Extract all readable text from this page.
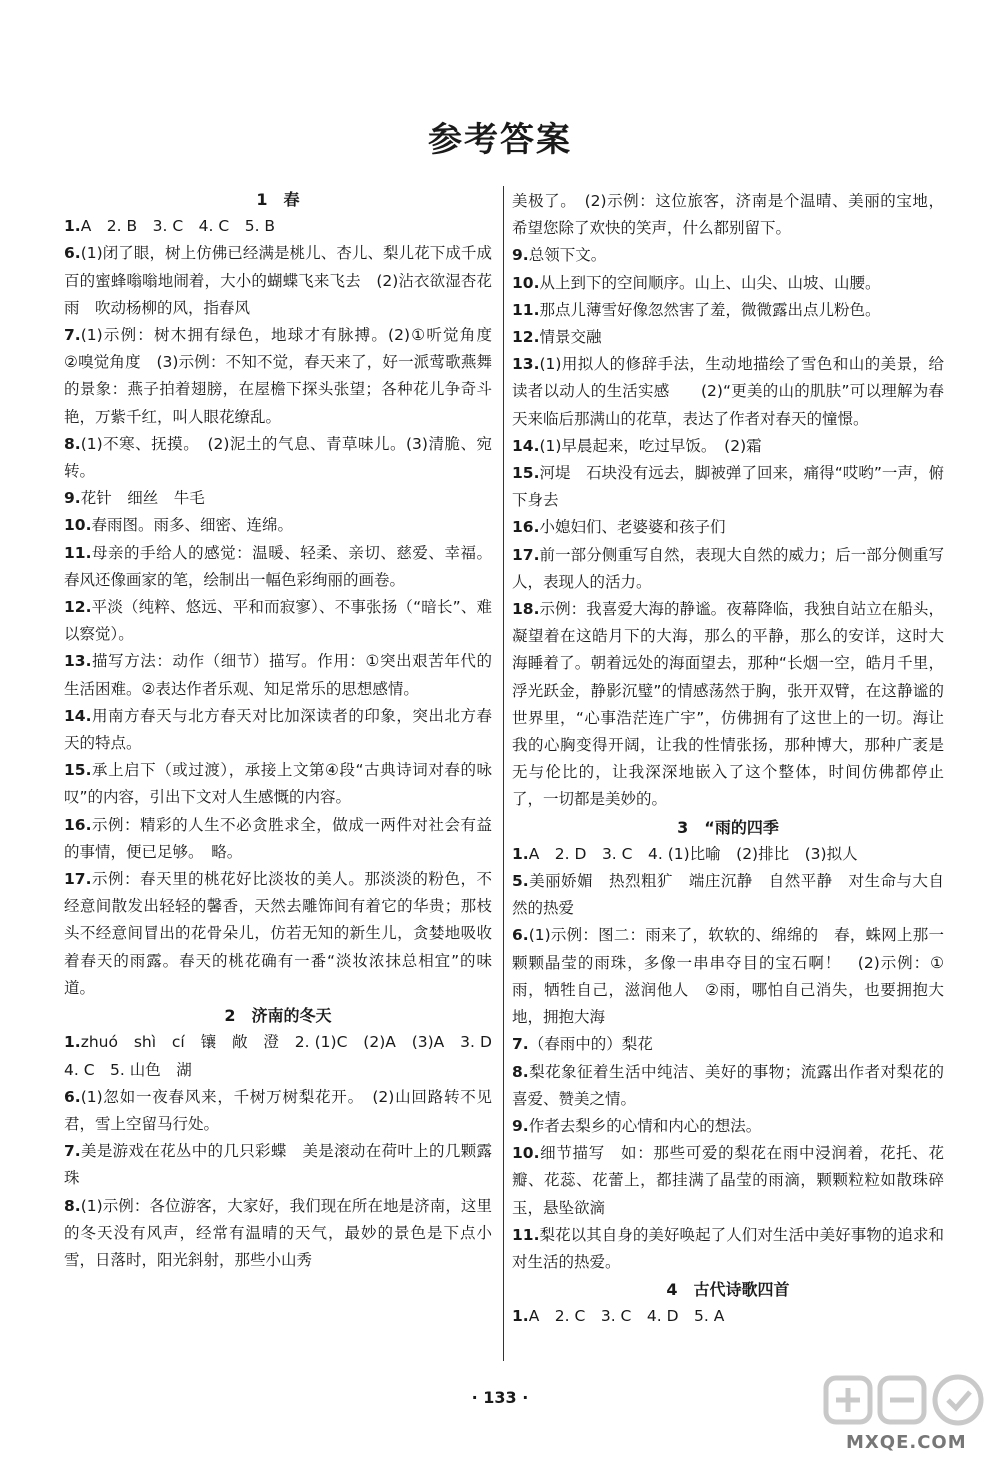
参考答案
1　春
1.A　2. B　3. C　4. C　5. B
6.(1)闭了眼，树上仿佛已经满是桃儿、杏儿、梨儿花下成千成百的蜜蜂嗡嗡地闹着，大小的蝴蝶飞来飞去　(2)沾衣欲湿杏花雨　吹动杨柳的风，指春风
7.(1)示例：树木拥有绿色，地球才有脉搏。(2)①听觉角度　②嗅觉角度　(3)示例：不知不觉，春天来了，好一派莺歌燕舞的景象：燕子拍着翅膀，在屋檐下探头张望；各种花儿争奇斗艳，万紫千红，叫人眼花缭乱。
8.(1)不寒、抚摸。　(2)泥土的气息、青草味儿。(3)清脆、宛转。
9.花针　细丝　牛毛
10.春雨图。雨多、细密、连绵。
11.母亲的手给人的感觉：温暖、轻柔、亲切、慈爱、幸福。春风还像画家的笔，绘制出一幅色彩绚丽的画卷。
12.平淡（纯粹、悠远、平和而寂寥）、不事张扬（“暗长”、难以察觉）。
13.描写方法：动作（细节）描写。作用：①突出艰苦年代的生活困难。②表达作者乐观、知足常乐的思想感情。
14.用南方春天与北方春天对比加深读者的印象，突出北方春天的特点。
15.承上启下（或过渡），承接上文第④段“古典诗词对春的咏叹”的内容，引出下文对人生感慨的内容。
16.示例：精彩的人生不必贪胜求全，做成一两件对社会有益的事情，便已足够。　略。
17.示例：春天里的桃花好比淡妆的美人。那淡淡的粉色，不经意间散发出轻轻的馨香，天然去雕饰间有着它的华贵；那枝头不经意间冒出的花骨朵儿，仿若无知的新生儿，贪婪地吸收着春天的雨露。春天的桃花确有一番“淡妆浓抹总相宜”的味道。
2　济南的冬天
1.zhuó　shì　cí　镶　敞　澄　2. (1)C　(2)A　(3)A　3. D　4. C　5. 山色　湖
6.(1)忽如一夜春风来，千树万树梨花开。　(2)山回路转不见君，雪上空留马行处。
7.美是游戏在花丛中的几只彩蝶　美是滚动在荷叶上的几颗露珠
8.(1)示例：各位游客，大家好，我们现在所在地是济南，这里的冬天没有风声，经常有温晴的天气，最妙的景色是下点小雪，日落时，阳光斜射，那些小山秀
美极了。　(2)示例：这位旅客，济南是个温晴、美丽的宝地，希望您除了欢快的笑声，什么都别留下。
9.总领下文。
10.从上到下的空间顺序。山上、山尖、山坡、山腰。
11.那点儿薄雪好像忽然害了羞，微微露出点儿粉色。
12.情景交融
13.(1)用拟人的修辞手法，生动地描绘了雪色和山的美景，给读者以动人的生活实感　　(2)“更美的山的肌肤”可以理解为春天来临后那满山的花草，表达了作者对春天的憧憬。
14.(1)早晨起来，吃过早饭。　(2)霜
15.河堤　石块没有远去，脚被弹了回来，痛得“哎哟”一声，俯下身去
16.小媳妇们、老婆婆和孩子们
17.前一部分侧重写自然，表现大自然的威力；后一部分侧重写人，表现人的活力。
18.示例：我喜爱大海的静谧。夜幕降临，我独自站立在船头，凝望着在这皓月下的大海，那么的平静，那么的安详，这时大海睡着了。朝着远处的海面望去，那种“长烟一空，皓月千里，浮光跃金，静影沉璧”的情感荡然于胸，张开双臂，在这静谧的世界里，“心事浩茫连广宇”，仿佛拥有了这世上的一切。海让我的心胸变得开阔，让我的性情张扬，那种博大，那种广袤是无与伦比的，让我深深地嵌入了这个整体，时间仿佛都停止了，一切都是美妙的。
3　“雨的四季
1.A　2. D　3. C　4. (1)比喻　(2)排比　(3)拟人
5.美丽娇媚　热烈粗犷　端庄沉静　自然平静　对生命与大自然的热爱
6.(1)示例：图二：雨来了，软软的、绵绵的　春，蛛网上那一颗颗晶莹的雨珠，多像一串串夺目的宝石啊！　(2)示例：①雨，牺牲自己，滋润他人　②雨，哪怕自己消失，也要拥抱大地，拥抱大海
7.（春雨中的）梨花
8.梨花象征着生活中纯洁、美好的事物；流露出作者对梨花的喜爱、赞美之情。
9.作者去梨乡的心情和内心的想法。
10.细节描写　如：那些可爱的梨花在雨中浸润着，花托、花瓣、花蕊、花蕾上，都挂满了晶莹的雨滴，颗颗粒粒如散珠碎玉，悬坠欲滴
11.梨花以其自身的美好唤起了人们对生活中美好事物的追求和对生活的热爱。
4　古代诗歌四首
1.A　2. C　3. C　4. D　5. A
· 133 ·
MXQE.COM
